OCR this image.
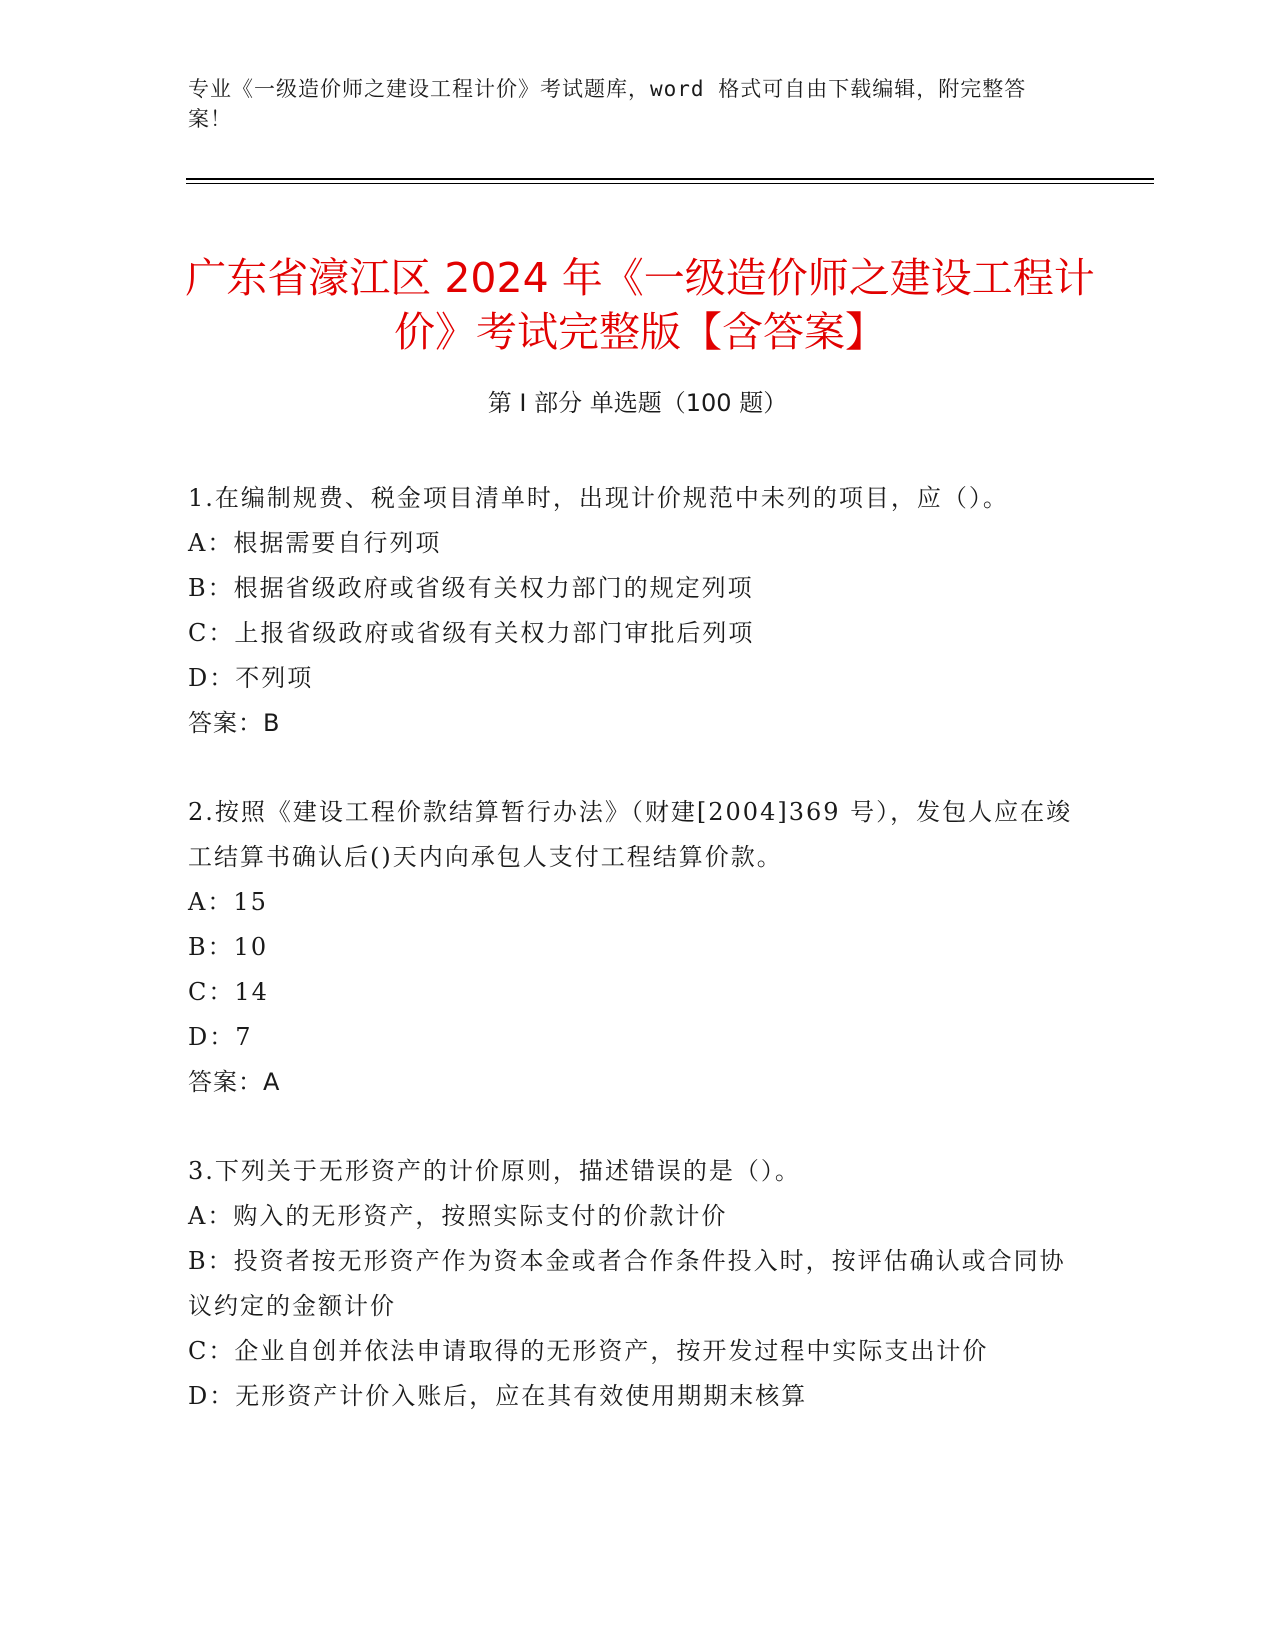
专业《一级造价师之建设工程计价》考试题库，word 格式可自由下载编辑，附完整答案！
广东省濠江区 2024 年《一级造价师之建设工程计价》考试完整版【含答案】
第 I 部分 单选题（100 题）

1.在编制规费、税金项目清单时，出现计价规范中未列的项目，应（）。

A：根据需要自行列项

B：根据省级政府或省级有关权力部门的规定列项

C：上报省级政府或省级有关权力部门审批后列项

D：不列项

答案：B

2.按照《建设工程价款结算暂行办法》（财建[2004]369 号），发包人应在竣工结算书确认后()天内向承包人支付工程结算价款。

A：15

B：10

C：14

D：7

答案：A

3.下列关于无形资产的计价原则，描述错误的是（）。

A：购入的无形资产，按照实际支付的价款计价

B：投资者按无形资产作为资本金或者合作条件投入时，按评估确认或合同协议约定的金额计价

C：企业自创并依法申请取得的无形资产，按开发过程中实际支出计价

D：无形资产计价入账后，应在其有效使用期期末核算
